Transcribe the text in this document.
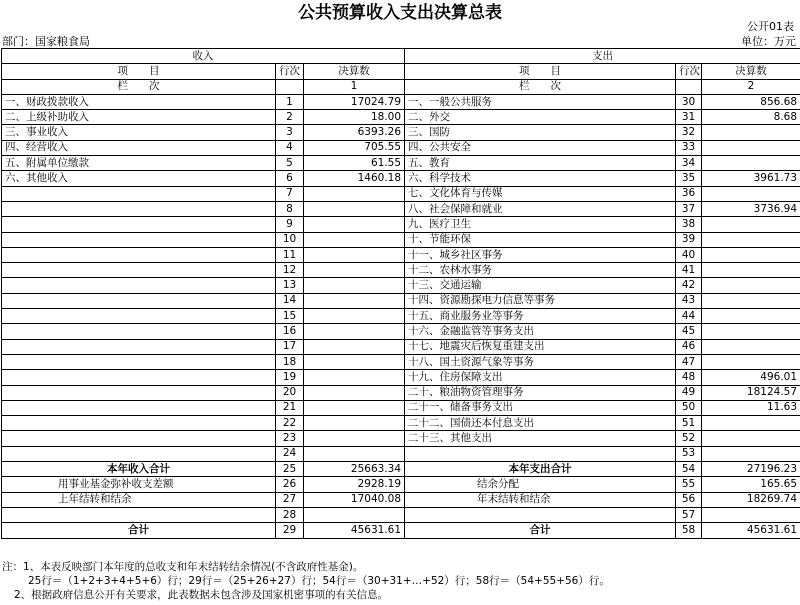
公共预算收入支出决算总表
公开01表
部门：国家粮食局	单位：万元
收入			支出		
项　　目	行次	决算数	项　　目	行次	决算数
栏　　次		1	栏　　次		2
一、财政拨款收入	1	17024.79	一、一般公共服务	30	856.68
二、上级补助收入	2	18.00	二、外交	31	8.68
三、事业收入	3	6393.26	三、国防	32	
四、经营收入	4	705.55	四、公共安全	33	
五、附属单位缴款	5	61.55	五、教育	34	
六、其他收入	6	1460.18	六、科学技术	35	3961.73
	7		七、文化体育与传媒	36	
	8		八、社会保障和就业	37	3736.94
	9		九、医疗卫生	38	
	10		十、节能环保	39	
	11		十一、城乡社区事务	40	
	12		十二、农林水事务	41	
	13		十三、交通运输	42	
	14		十四、资源勘探电力信息等事务	43	
	15		十五、商业服务业等事务	44	
	16		十六、金融监管等事务支出	45	
	17		十七、地震灾后恢复重建支出	46	
	18		十八、国土资源气象等事务	47	
	19		十九、住房保障支出	48	496.01
	20		二十、粮油物资管理事务	49	18124.57
	21		二十一、储备事务支出	50	11.63
	22		二十二、国债还本付息支出	51	
	23		二十三、其他支出	52	
	24			53	
本年收入合计	25	25663.34	本年支出合计	54	27196.23
用事业基金弥补收支差额	26	2928.19	结余分配	55	165.65
上年结转和结余	27	17040.08	年末结转和结余	56	18269.74
	28			57	
合计	29	45631.61	合计	58	45631.61
注：1、本表反映部门本年度的总收支和年末结转结余情况(不含政府性基金)。
25行＝（1+2+3+4+5+6）行；29行＝（25+26+27）行；54行＝（30+31+…+52）行；58行＝（54+55+56）行。
2、根据政府信息公开有关要求，此表数据未包含涉及国家机密事项的有关信息。
